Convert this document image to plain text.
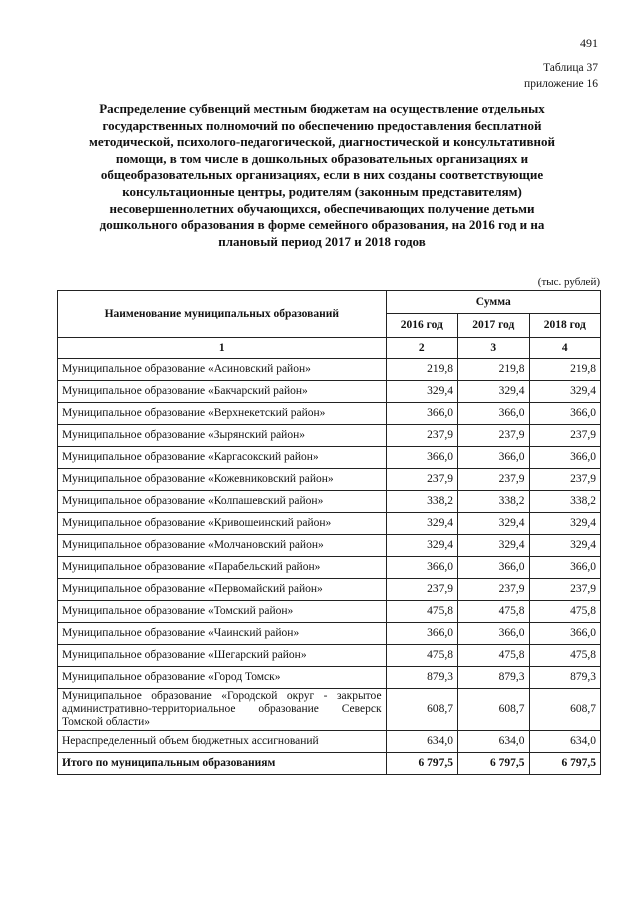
491
Таблица 37
приложение 16
Распределение субвенций местным бюджетам на осуществление отдельных государственных полномочий по обеспечению предоставления бесплатной методической, психолого-педагогической, диагностической и консультативной помощи, в том числе в дошкольных образовательных организациях и общеобразовательных организациях, если в них созданы соответствующие консультационные центры, родителям (законным представителям) несовершеннолетних обучающихся, обеспечивающих получение детьми дошкольного образования в форме семейного образования, на 2016 год и на плановый период 2017 и 2018 годов
(тыс. рублей)
Наименование муниципальных образований	Сумма		
	2016 год	2017 год	2018 год
1	2	3	4
Муниципальное образование «Асиновский район»	219,8	219,8	219,8
Муниципальное образование «Бакчарский район»	329,4	329,4	329,4
Муниципальное образование «Верхнекетский район»	366,0	366,0	366,0
Муниципальное образование «Зырянский район»	237,9	237,9	237,9
Муниципальное образование «Каргасокский район»	366,0	366,0	366,0
Муниципальное образование «Кожевниковский район»	237,9	237,9	237,9
Муниципальное образование «Колпашевский район»	338,2	338,2	338,2
Муниципальное образование «Кривошеинский район»	329,4	329,4	329,4
Муниципальное образование «Молчановский район»	329,4	329,4	329,4
Муниципальное образование «Парабельский район»	366,0	366,0	366,0
Муниципальное образование «Первомайский район»	237,9	237,9	237,9
Муниципальное образование «Томский район»	475,8	475,8	475,8
Муниципальное образование «Чаинский район»	366,0	366,0	366,0
Муниципальное образование «Шегарский район»	475,8	475,8	475,8
Муниципальное образование «Город Томск»	879,3	879,3	879,3
Муниципальное образование «Городской округ - закрытое административно-территориальное образование Северск Томской области»	608,7	608,7	608,7
Нераспределенный объем бюджетных ассигнований	634,0	634,0	634,0
Итого по муниципальным образованиям	6 797,5	6 797,5	6 797,5
